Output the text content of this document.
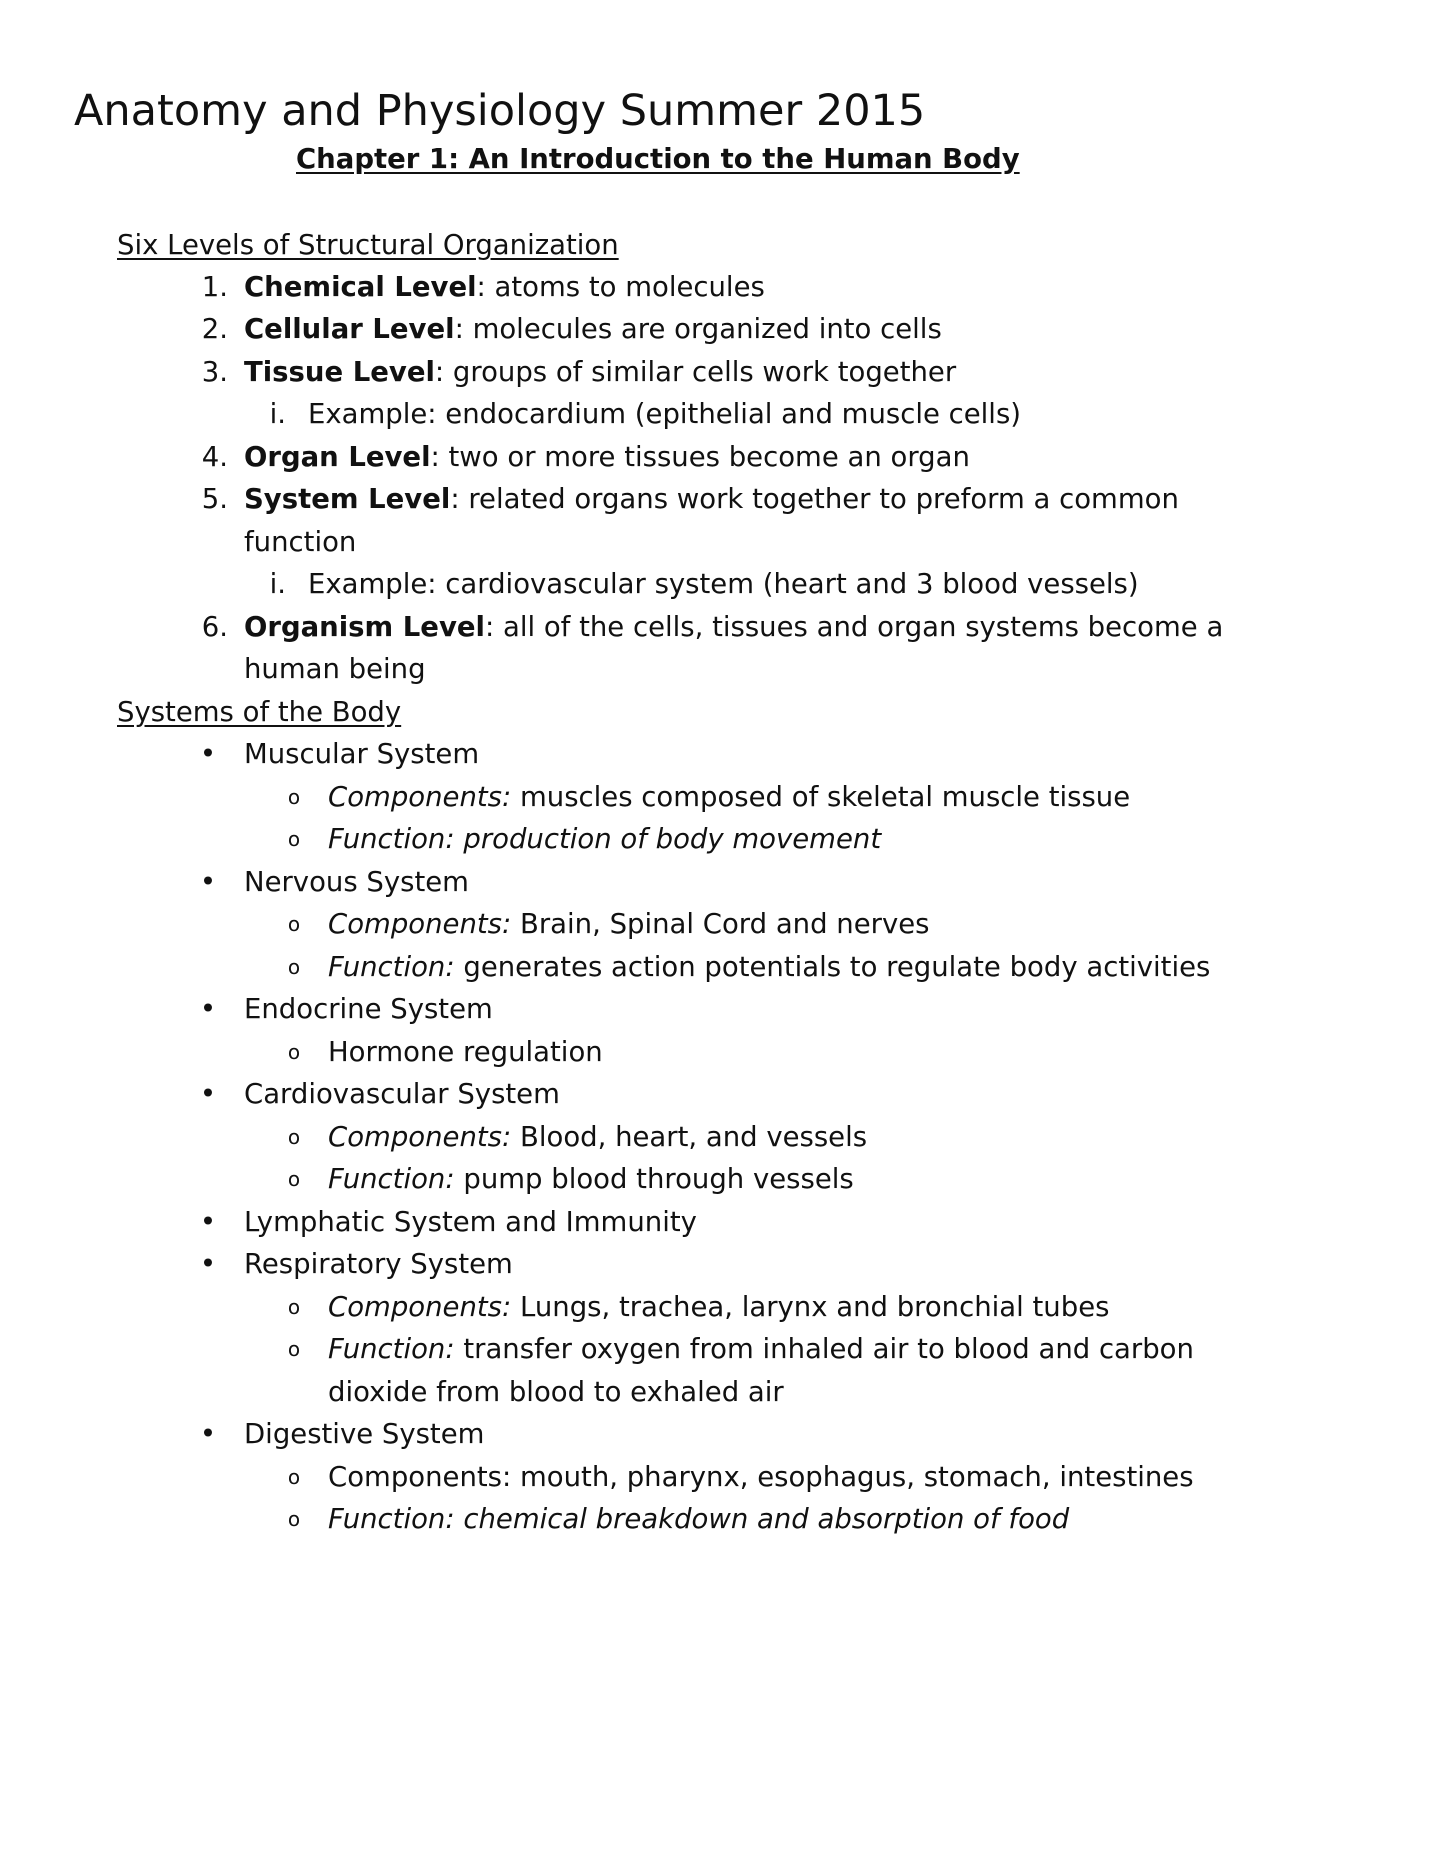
Anatomy and Physiology Summer 2015
Chapter 1: An Introduction to the Human Body
Six Levels of Structural Organization
1. Chemical Level: atoms to molecules
2. Cellular Level: molecules are organized into cells
3. Tissue Level: groups of similar cells work together
i. Example: endocardium (epithelial and muscle cells)
4. Organ Level: two or more tissues become an organ
5. System Level: related organs work together to preform a common
function
i. Example: cardiovascular system (heart and 3 blood vessels)
6. Organism Level: all of the cells, tissues and organ systems become a
human being
Systems of the Body
• Muscular System
o Components: muscles composed of skeletal muscle tissue
o Function: production of body movement
• Nervous System
o Components: Brain, Spinal Cord and nerves
o Function: generates action potentials to regulate body activities
• Endocrine System
o Hormone regulation
• Cardiovascular System
o Components: Blood, heart, and vessels
o Function: pump blood through vessels
• Lymphatic System and Immunity
• Respiratory System
o Components: Lungs, trachea, larynx and bronchial tubes
o Function: transfer oxygen from inhaled air to blood and carbon
dioxide from blood to exhaled air
• Digestive System
o Components: mouth, pharynx, esophagus, stomach, intestines
o Function: chemical breakdown and absorption of food
